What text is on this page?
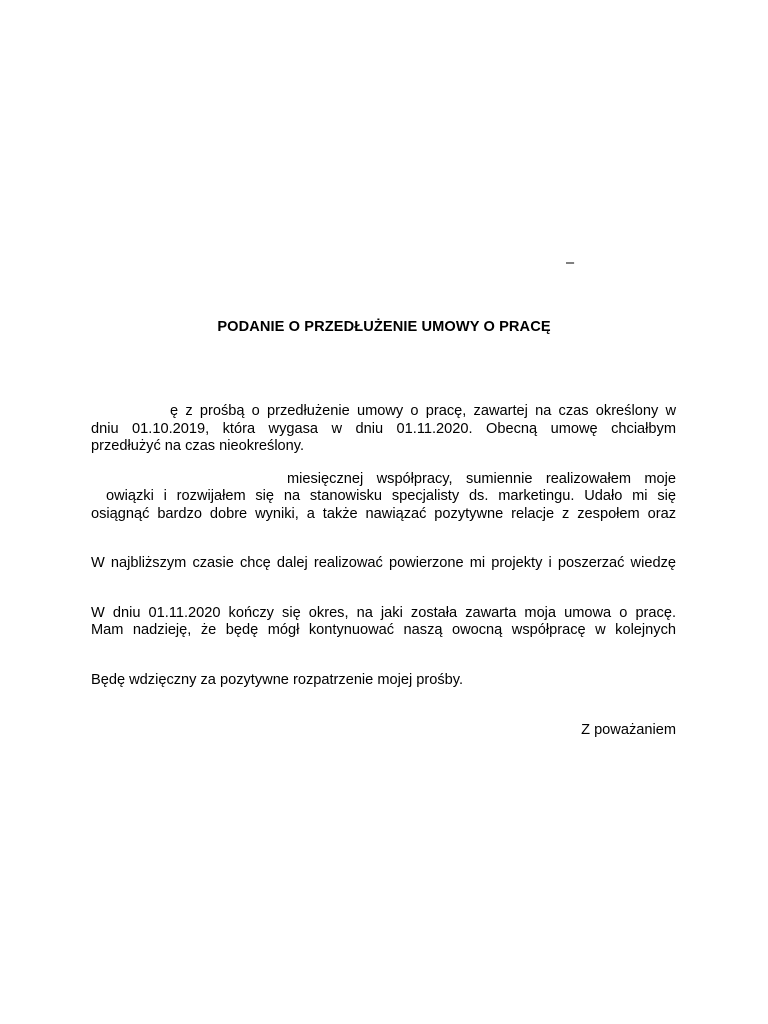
–
PODANIE O PRZEDŁUŻENIE UMOWY O PRACĘ
ę z prośbą o przedłużenie umowy o pracę, zawartej na czas określony w
dniu 01.10.2019, która wygasa w dniu 01.11.2020. Obecną umowę chciałbym
przedłużyć na czas nieokreślony.
miesięcznej współpracy, sumiennie realizowałem moje
owiązki i rozwijałem się na stanowisku specjalisty ds. marketingu. Udało mi się
osiągnąć bardzo dobre wyniki, a także nawiązać pozytywne relacje z zespołem oraz
W najbliższym czasie chcę dalej realizować powierzone mi projekty i poszerzać wiedzę
W dniu 01.11.2020 kończy się okres, na jaki została zawarta moja umowa o pracę.
Mam nadzieję, że będę mógł kontynuować naszą owocną współpracę w kolejnych
Będę wdzięczny za pozytywne rozpatrzenie mojej prośby.
Z poważaniem
